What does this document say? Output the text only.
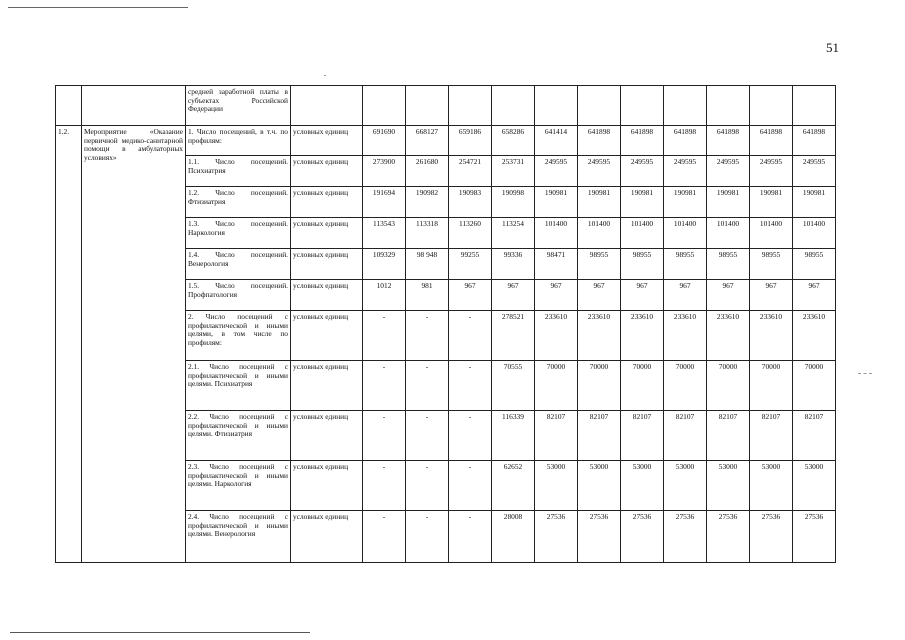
51
		средней заработной платы в субъектах Российской Федерации												
1.2.	Мероприятие «Оказание первичной медико-санитарной помощи в амбулаторных условиях»	1. Число посещений, в т.ч. по профилям:	условных единиц	691690	668127	659186	658286	641414	641898	641898	641898	641898	641898	641898
		1.1. Число посещений. Психиатрия	условных единиц	273900	261680	254721	253731	249595	249595	249595	249595	249595	249595	249595
		1.2. Число посещений. Фтизиатрия	условных единиц	191694	190982	190983	190998	190981	190981	190981	190981	190981	190981	190981
		1.3. Число посещений. Наркология	условных единиц	113543	113318	113260	113254	101400	101400	101400	101400	101400	101400	101400
		1.4. Число посещений. Венерология	условных единиц	109329	98 948	99255	99336	98471	98955	98955	98955	98955	98955	98955
		1.5. Число посещений. Профпатология	условных единиц	1012	981	967	967	967	967	967	967	967	967	967
		2. Число посещений с профилактической и иными целями, в том числе по профилям:	условных единиц	-	-	-	278521	233610	233610	233610	233610	233610	233610	233610
		2.1. Число посещений с профилактической и иными целями. Психиатрия	условных единиц	-	-	-	70555	70000	70000	70000	70000	70000	70000	70000
		2.2. Число посещений с профилактической и иными целями. Фтизиатрия	условных единиц	-	-	-	116339	82107	82107	82107	82107	82107	82107	82107
		2.3. Число посещений с профилактической и иными целями. Наркология	условных единиц	-	-	-	62652	53000	53000	53000	53000	53000	53000	53000
		2.4. Число посещений с профилактической и иными целями. Венерология	условных единиц	-	-	-	28008	27536	27536	27536	27536	27536	27536	27536
